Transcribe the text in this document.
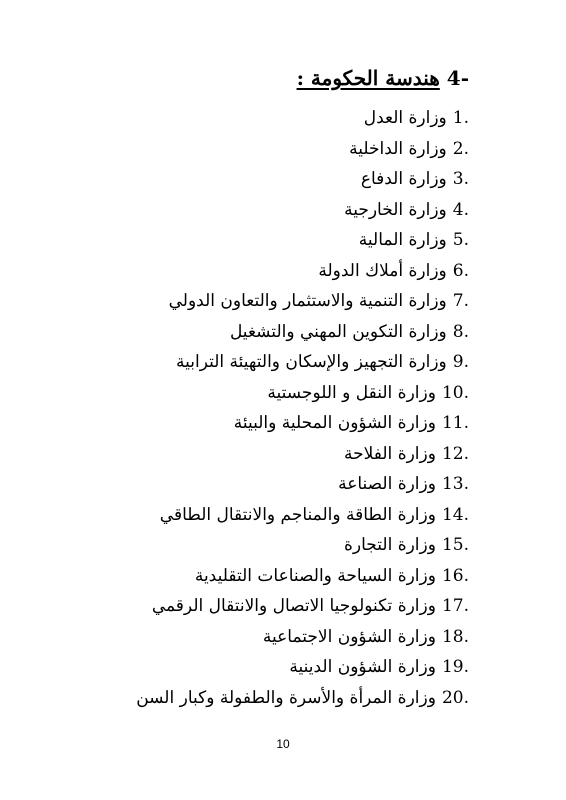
4- هندسة الحكومة :
1.وزارة العدل
2.وزارة الداخلية
3.وزارة الدفاع
4.وزارة الخارجية
5.وزارة المالية
6.وزارة أملاك الدولة
7.وزارة التنمية والاستثمار والتعاون الدولي
8.وزارة التكوين المهني والتشغيل
9.وزارة التجهيز والإسكان والتهيئة الترابية
10.وزارة النقل و اللوجستية
11.وزارة الشؤون المحلية والبيئة
12.وزارة الفلاحة
13.وزارة الصناعة
14.وزارة الطاقة والمناجم والانتقال الطاقي
15.وزارة التجارة
16.وزارة السياحة والصناعات التقليدية
17.وزارة تكنولوجيا الاتصال والانتقال الرقمي
18.وزارة الشؤون الاجتماعية
19.وزارة الشؤون الدينية
20.وزارة المرأة والأسرة والطفولة وكبار السن
10
